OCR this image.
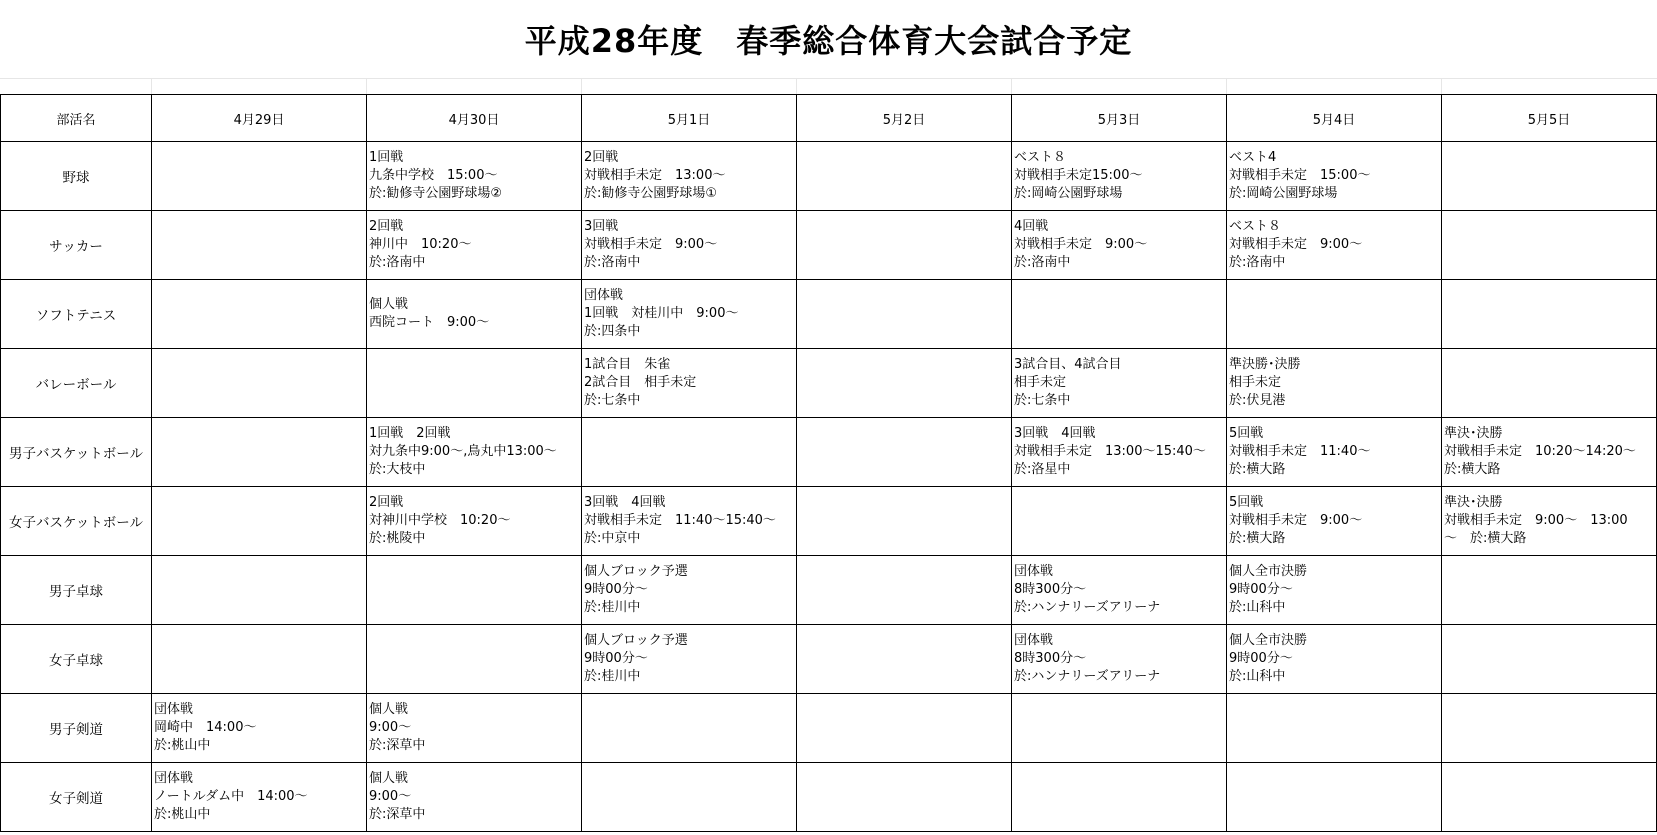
平成28年度　春季総合体育大会試合予定
部活名	4月29日	4月30日	5月1日	5月2日	5月3日	5月4日	5月5日
野球		1回戦
九条中学校　15:00～
於:勧修寺公園野球場②	2回戦
対戦相手未定　13:00～
於:勧修寺公園野球場①		ベスト８
対戦相手未定15:00～
於:岡崎公園野球場	ベスト4
対戦相手未定　15:00～
於:岡崎公園野球場	

サッカー		2回戦
神川中　10:20～
於:洛南中	3回戦
対戦相手未定　9:00～
於:洛南中		4回戦
対戦相手未定　9:00～
於:洛南中	ベスト８
対戦相手未定　9:00～
於:洛南中	

ソフトテニス		個人戦
西院コート　9:00～	団体戦
1回戦　対桂川中　9:00～
於:四条中				

バレーボール			1試合目　朱雀
2試合目　相手未定
於:七条中		3試合目、4試合目
相手未定
於:七条中	準決勝･決勝
相手未定
於:伏見港	

男子バスケットボール		1回戦　2回戦
対九条中9:00～,鳥丸中13:00～
於:大枝中			3回戦　4回戦
対戦相手未定　13:00～15:40～
於:洛星中	5回戦
対戦相手未定　11:40～
於:横大路	準決･決勝
対戦相手未定　10:20～14:20～
於:横大路

女子バスケットボール		2回戦
対神川中学校　10:20～
於:桃陵中	3回戦　4回戦
対戦相手未定　11:40～15:40～
於:中京中			5回戦
対戦相手未定　9:00～
於:横大路	準決･決勝
対戦相手未定　9:00～　13:00
～　於:横大路

男子卓球			個人ブロック予選
9時00分～
於:桂川中		団体戦
8時300分～
於:ハンナリーズアリーナ	個人全市決勝
9時00分～
於:山科中	

女子卓球			個人ブロック予選
9時00分～
於:桂川中		団体戦
8時300分～
於:ハンナリーズアリーナ	個人全市決勝
9時00分～
於:山科中	

男子剣道	団体戦
岡崎中　14:00～
於:桃山中	個人戦
9:00～
於:深草中					

女子剣道	団体戦
ノートルダム中　14:00～
於:桃山中	個人戦
9:00～
於:深草中					
